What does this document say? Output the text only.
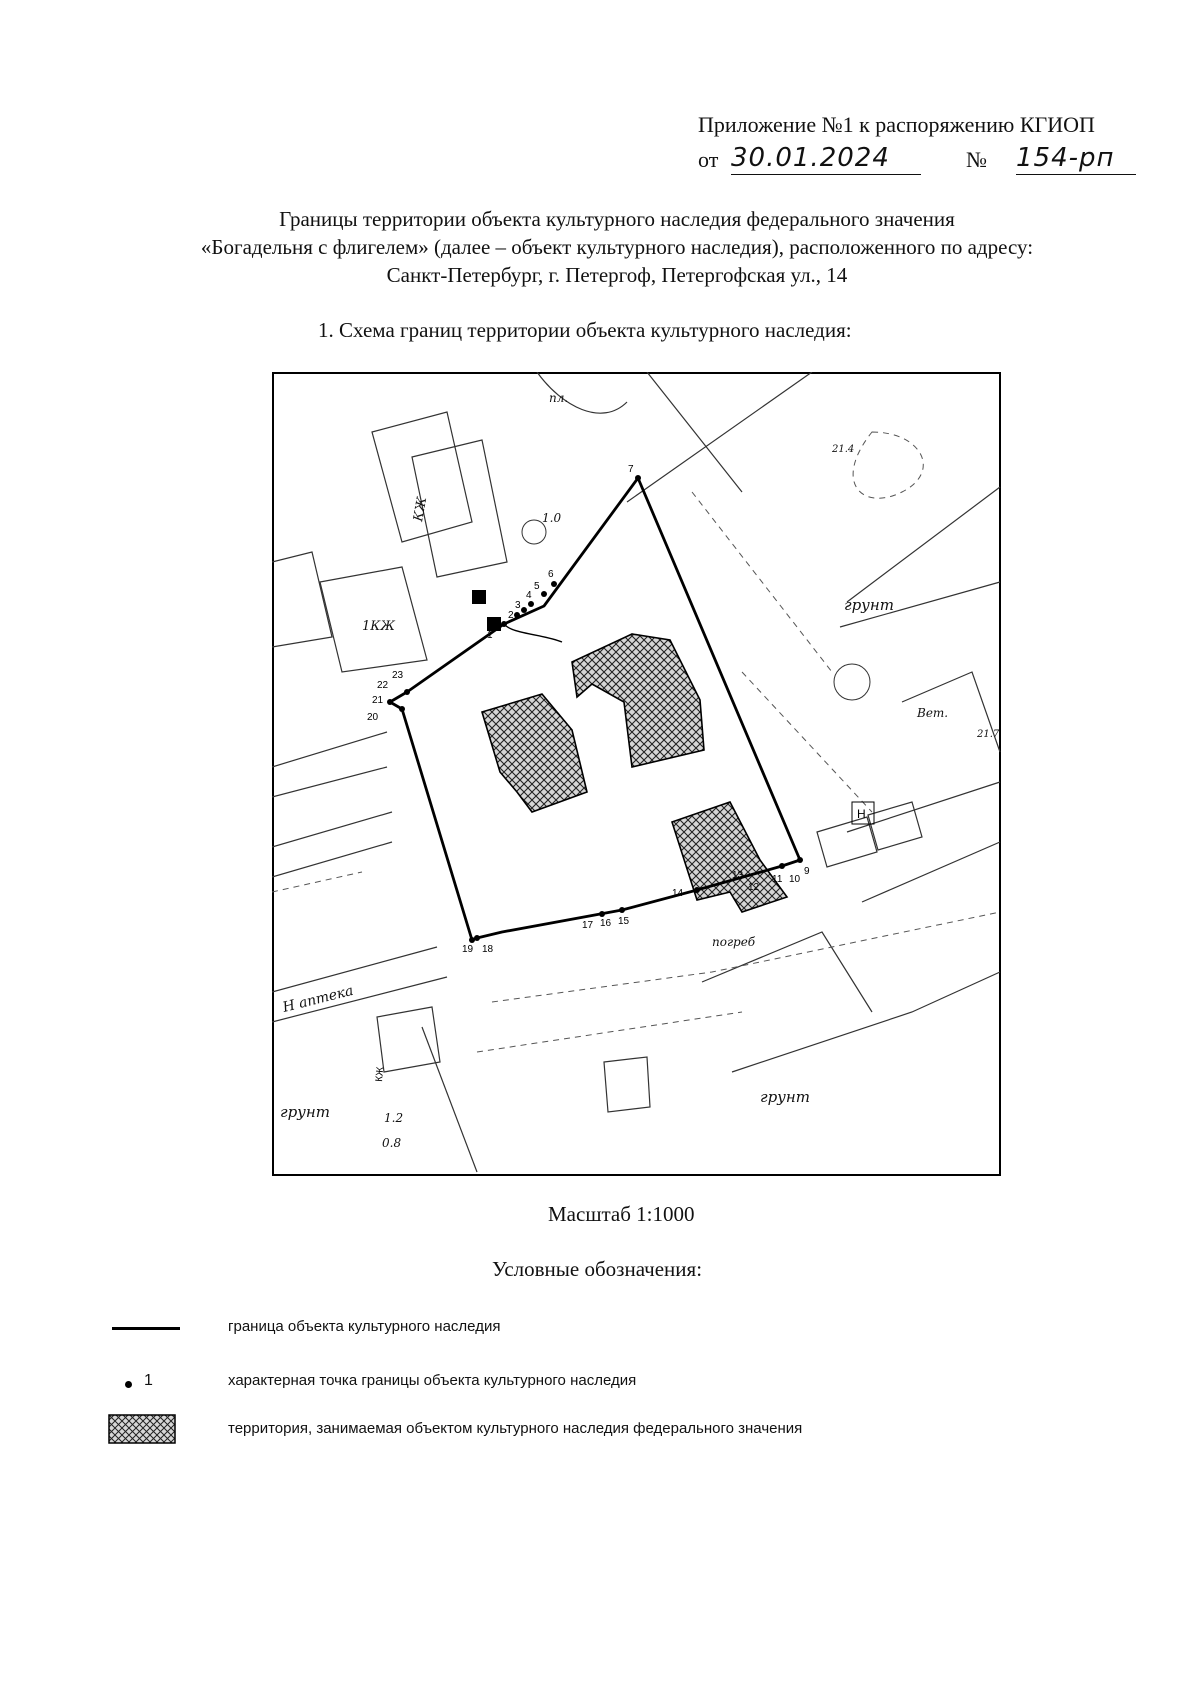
Приложение №1 к распоряжению КГИОП
от 30.01.2024	№ 154-рп
Границы территории объекта культурного наследия федерального значения
«Богадельня с флигелем» (далее – объект культурного наследия), расположенного по адресу:
Санкт-Петербург, г. Петергоф, Петергофская ул., 14
1. Схема границ территории объекта культурного наследия:
1
2
3
4
5
6
7
9
10
11
12
13
14
15
16
17
18
19
20
21
22
23
КЖ
1КЖ
грунт
грунт
грунт
Н аптека
погреб
пл.
Вет.
1.2
0.8
1.0
21.4
21.7
Н
КЖ
Масштаб 1:1000
Условные обозначения:
граница объекта культурного наследия
1	характерная точка границы объекта культурного наследия
территория, занимаемая объектом культурного наследия федерального значения
